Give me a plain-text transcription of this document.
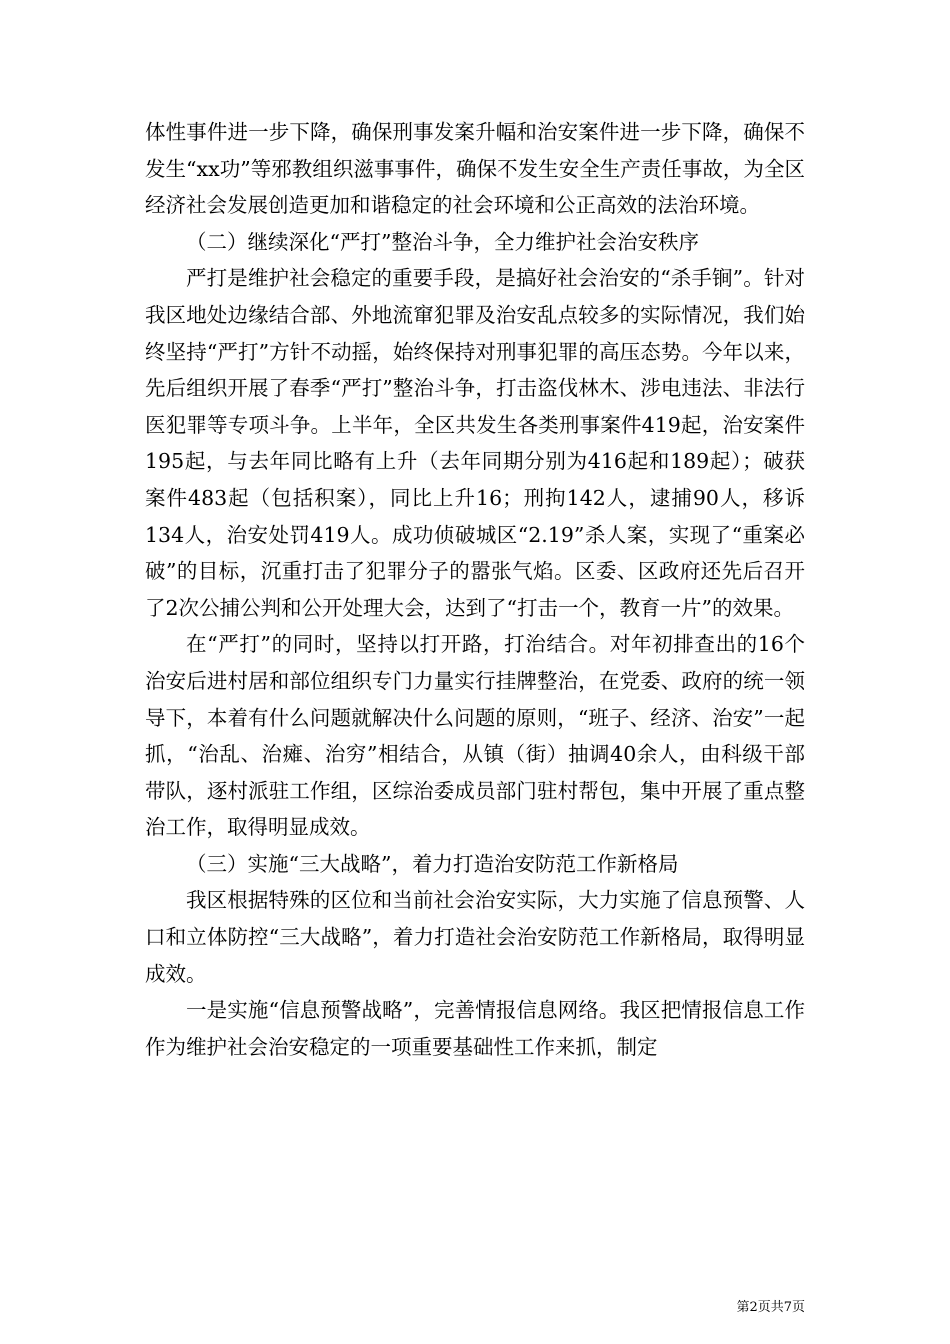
体性事件进一步下降，确保刑事发案升幅和治安案件进一步下降，确保不发生“xx功”等邪教组织滋事事件，确保不发生安全生产责任事故，为全区经济社会发展创造更加和谐稳定的社会环境和公正高效的法治环境。

（二）继续深化“严打”整治斗争，全力维护社会治安秩序

严打是维护社会稳定的重要手段，是搞好社会治安的“杀手锏”。针对我区地处边缘结合部、外地流窜犯罪及治安乱点较多的实际情况，我们始终坚持“严打”方针不动摇，始终保持对刑事犯罪的高压态势。今年以来，先后组织开展了春季“严打”整治斗争，打击盗伐林木、涉电违法、非法行医犯罪等专项斗争。上半年，全区共发生各类刑事案件419起，治安案件195起，与去年同比略有上升（去年同期分别为416起和189起）；破获案件483起（包括积案），同比上升16；刑拘142人，逮捕90人，移诉134人，治安处罚419人。成功侦破城区“2.19”杀人案，实现了“重案必破”的目标，沉重打击了犯罪分子的嚣张气焰。区委、区政府还先后召开了2次公捕公判和公开处理大会，达到了“打击一个，教育一片”的效果。

在“严打”的同时，坚持以打开路，打治结合。对年初排查出的16个治安后进村居和部位组织专门力量实行挂牌整治，在党委、政府的统一领导下，本着有什么问题就解决什么问题的原则，“班子、经济、治安”一起抓，“治乱、治瘫、治穷”相结合，从镇（街）抽调40余人，由科级干部带队，逐村派驻工作组，区综治委成员部门驻村帮包，集中开展了重点整治工作，取得明显成效。

（三）实施“三大战略”，着力打造治安防范工作新格局

我区根据特殊的区位和当前社会治安实际，大力实施了信息预警、人口和立体防控“三大战略”，着力打造社会治安防范工作新格局，取得明显成效。

一是实施“信息预警战略”，完善情报信息网络。我区把情报信息工作作为维护社会治安稳定的一项重要基础性工作来抓，制定

第2页共7页
